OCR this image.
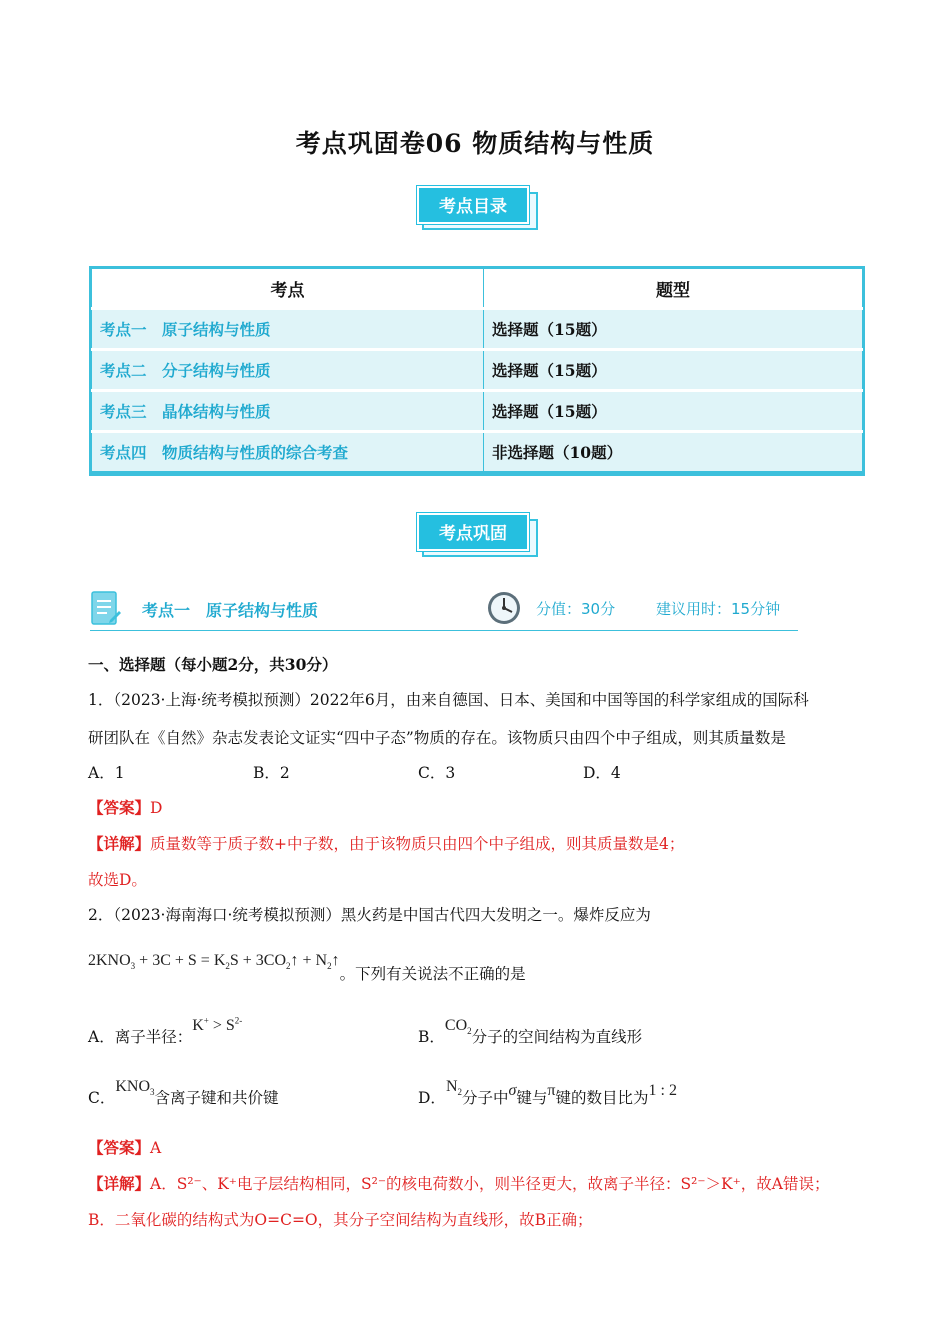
考点巩固卷06 物质结构与性质
考点目录
考点	题型
考点一　原子结构与性质	选择题（15题）
考点二　分子结构与性质	选择题（15题）
考点三　晶体结构与性质	选择题（15题）
考点四　物质结构与性质的综合考查	非选择题（10题）
考点巩固
考点一　原子结构与性质	分值：30分	建议用时：15分钟
一、选择题（每小题2分，共30分）
1．（2023·上海·统考模拟预测）2022年6月，由来自德国、日本、美国和中国等国的科学家组成的国际科
研团队在《自然》杂志发表论文证实“四中子态”物质的存在。该物质只由四个中子组成，则其质量数是
A．1	B．2	C．3	D．4
【答案】D
【详解】质量数等于质子数+中子数，由于该物质只由四个中子组成，则其质量数是4；
故选D。
2．（2023·海南海口·统考模拟预测）黑火药是中国古代四大发明之一。爆炸反应为
$2KNO_3 + 3C + S = K_2S$ + $3CO_2↑$ + $N_2↑$。下列有关说法不正确的是
A．离子半径：$K^+ > S^{2-}$
B．$CO_2$分子的空间结构为直线形
C．$KNO_3$含离子键和共价键	D．$N_2$分子中σ键与π键的数目比为1 : 2
【答案】A
【详解】A．S²⁻、K⁺电子层结构相同，S²⁻的核电荷数小，则半径更大，故离子半径：S²⁻＞K⁺，故A错误；
B．二氧化碳的结构式为O=C=O，其分子空间结构为直线形，故B正确；
